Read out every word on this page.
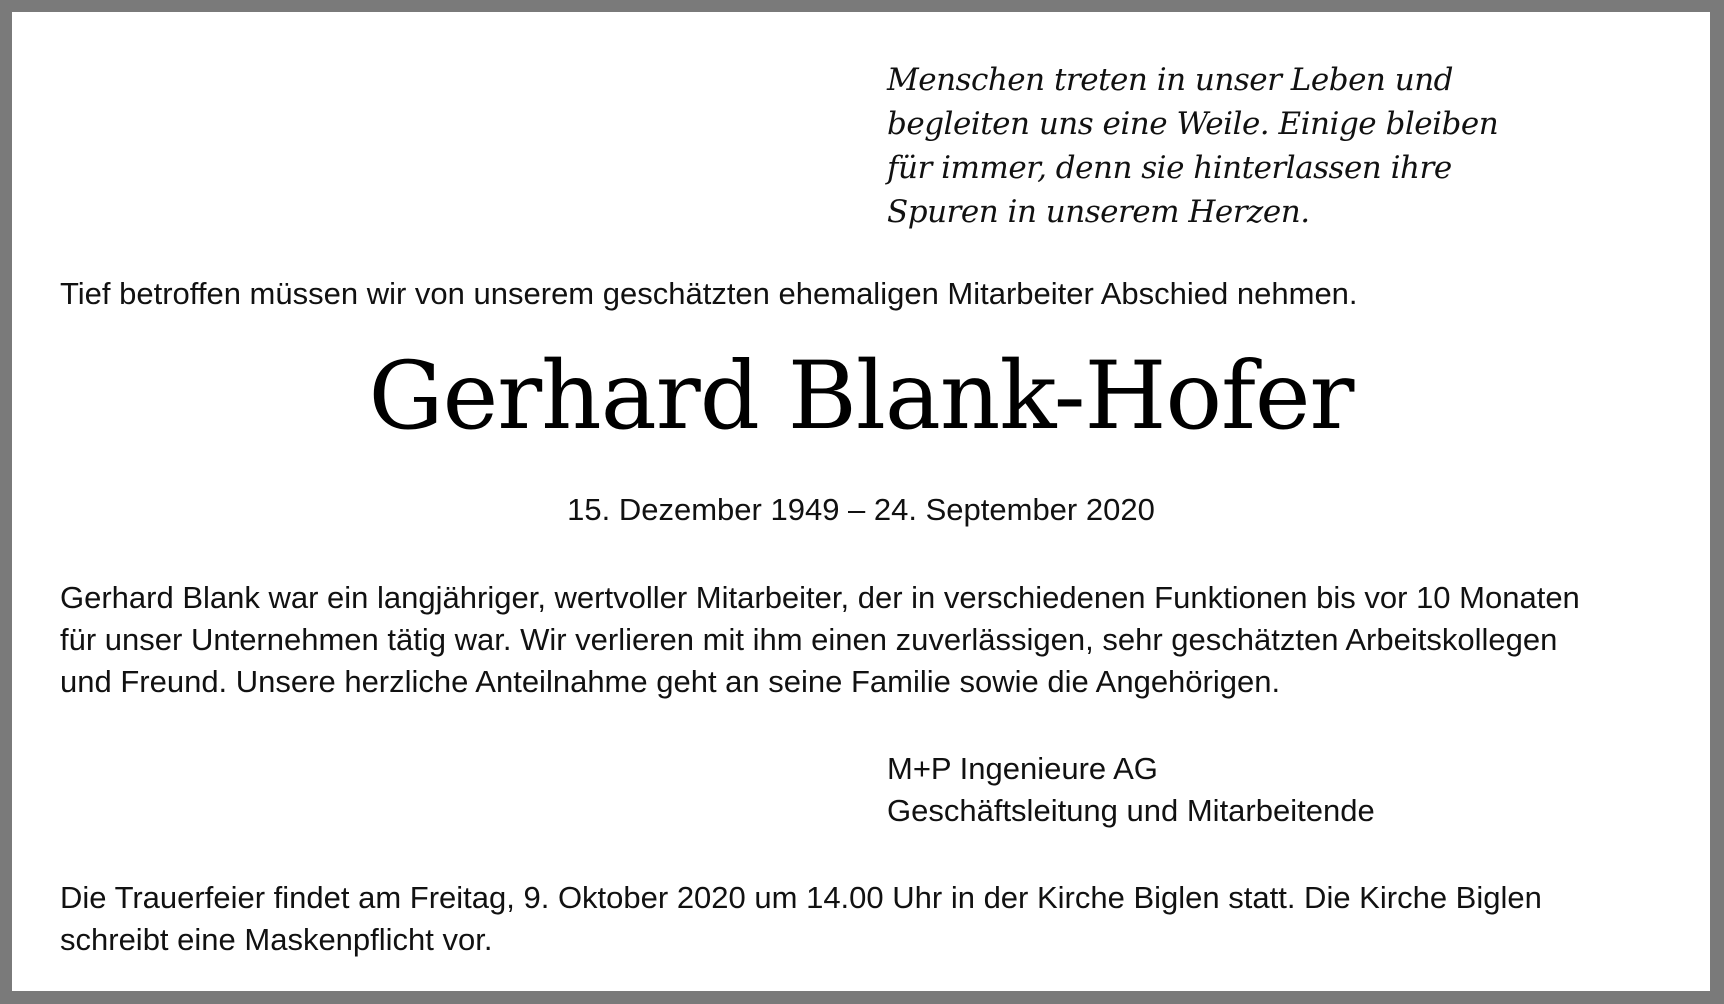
Menschen treten in unser Leben und
begleiten uns eine Weile. Einige bleiben
für immer, denn sie hinterlassen ihre
Spuren in unserem Herzen.

Tief betroffen müssen wir von unserem geschätzten ehemaligen Mitarbeiter Abschied nehmen.

Gerhard Blank-Hofer

15. Dezember 1949 – 24. September 2020

Gerhard Blank war ein langjähriger, wertvoller Mitarbeiter, der in verschiedenen Funktionen bis vor 10 Monaten
für unser Unternehmen tätig war. Wir verlieren mit ihm einen zuverlässigen, sehr geschätzten Arbeitskollegen
und Freund. Unsere herzliche Anteilnahme geht an seine Familie sowie die Angehörigen.

M+P Ingenieure AG
Geschäftsleitung und Mitarbeitende

Die Trauerfeier findet am Freitag, 9. Oktober 2020 um 14.00 Uhr in der Kirche Biglen statt. Die Kirche Biglen
schreibt eine Maskenpflicht vor.
